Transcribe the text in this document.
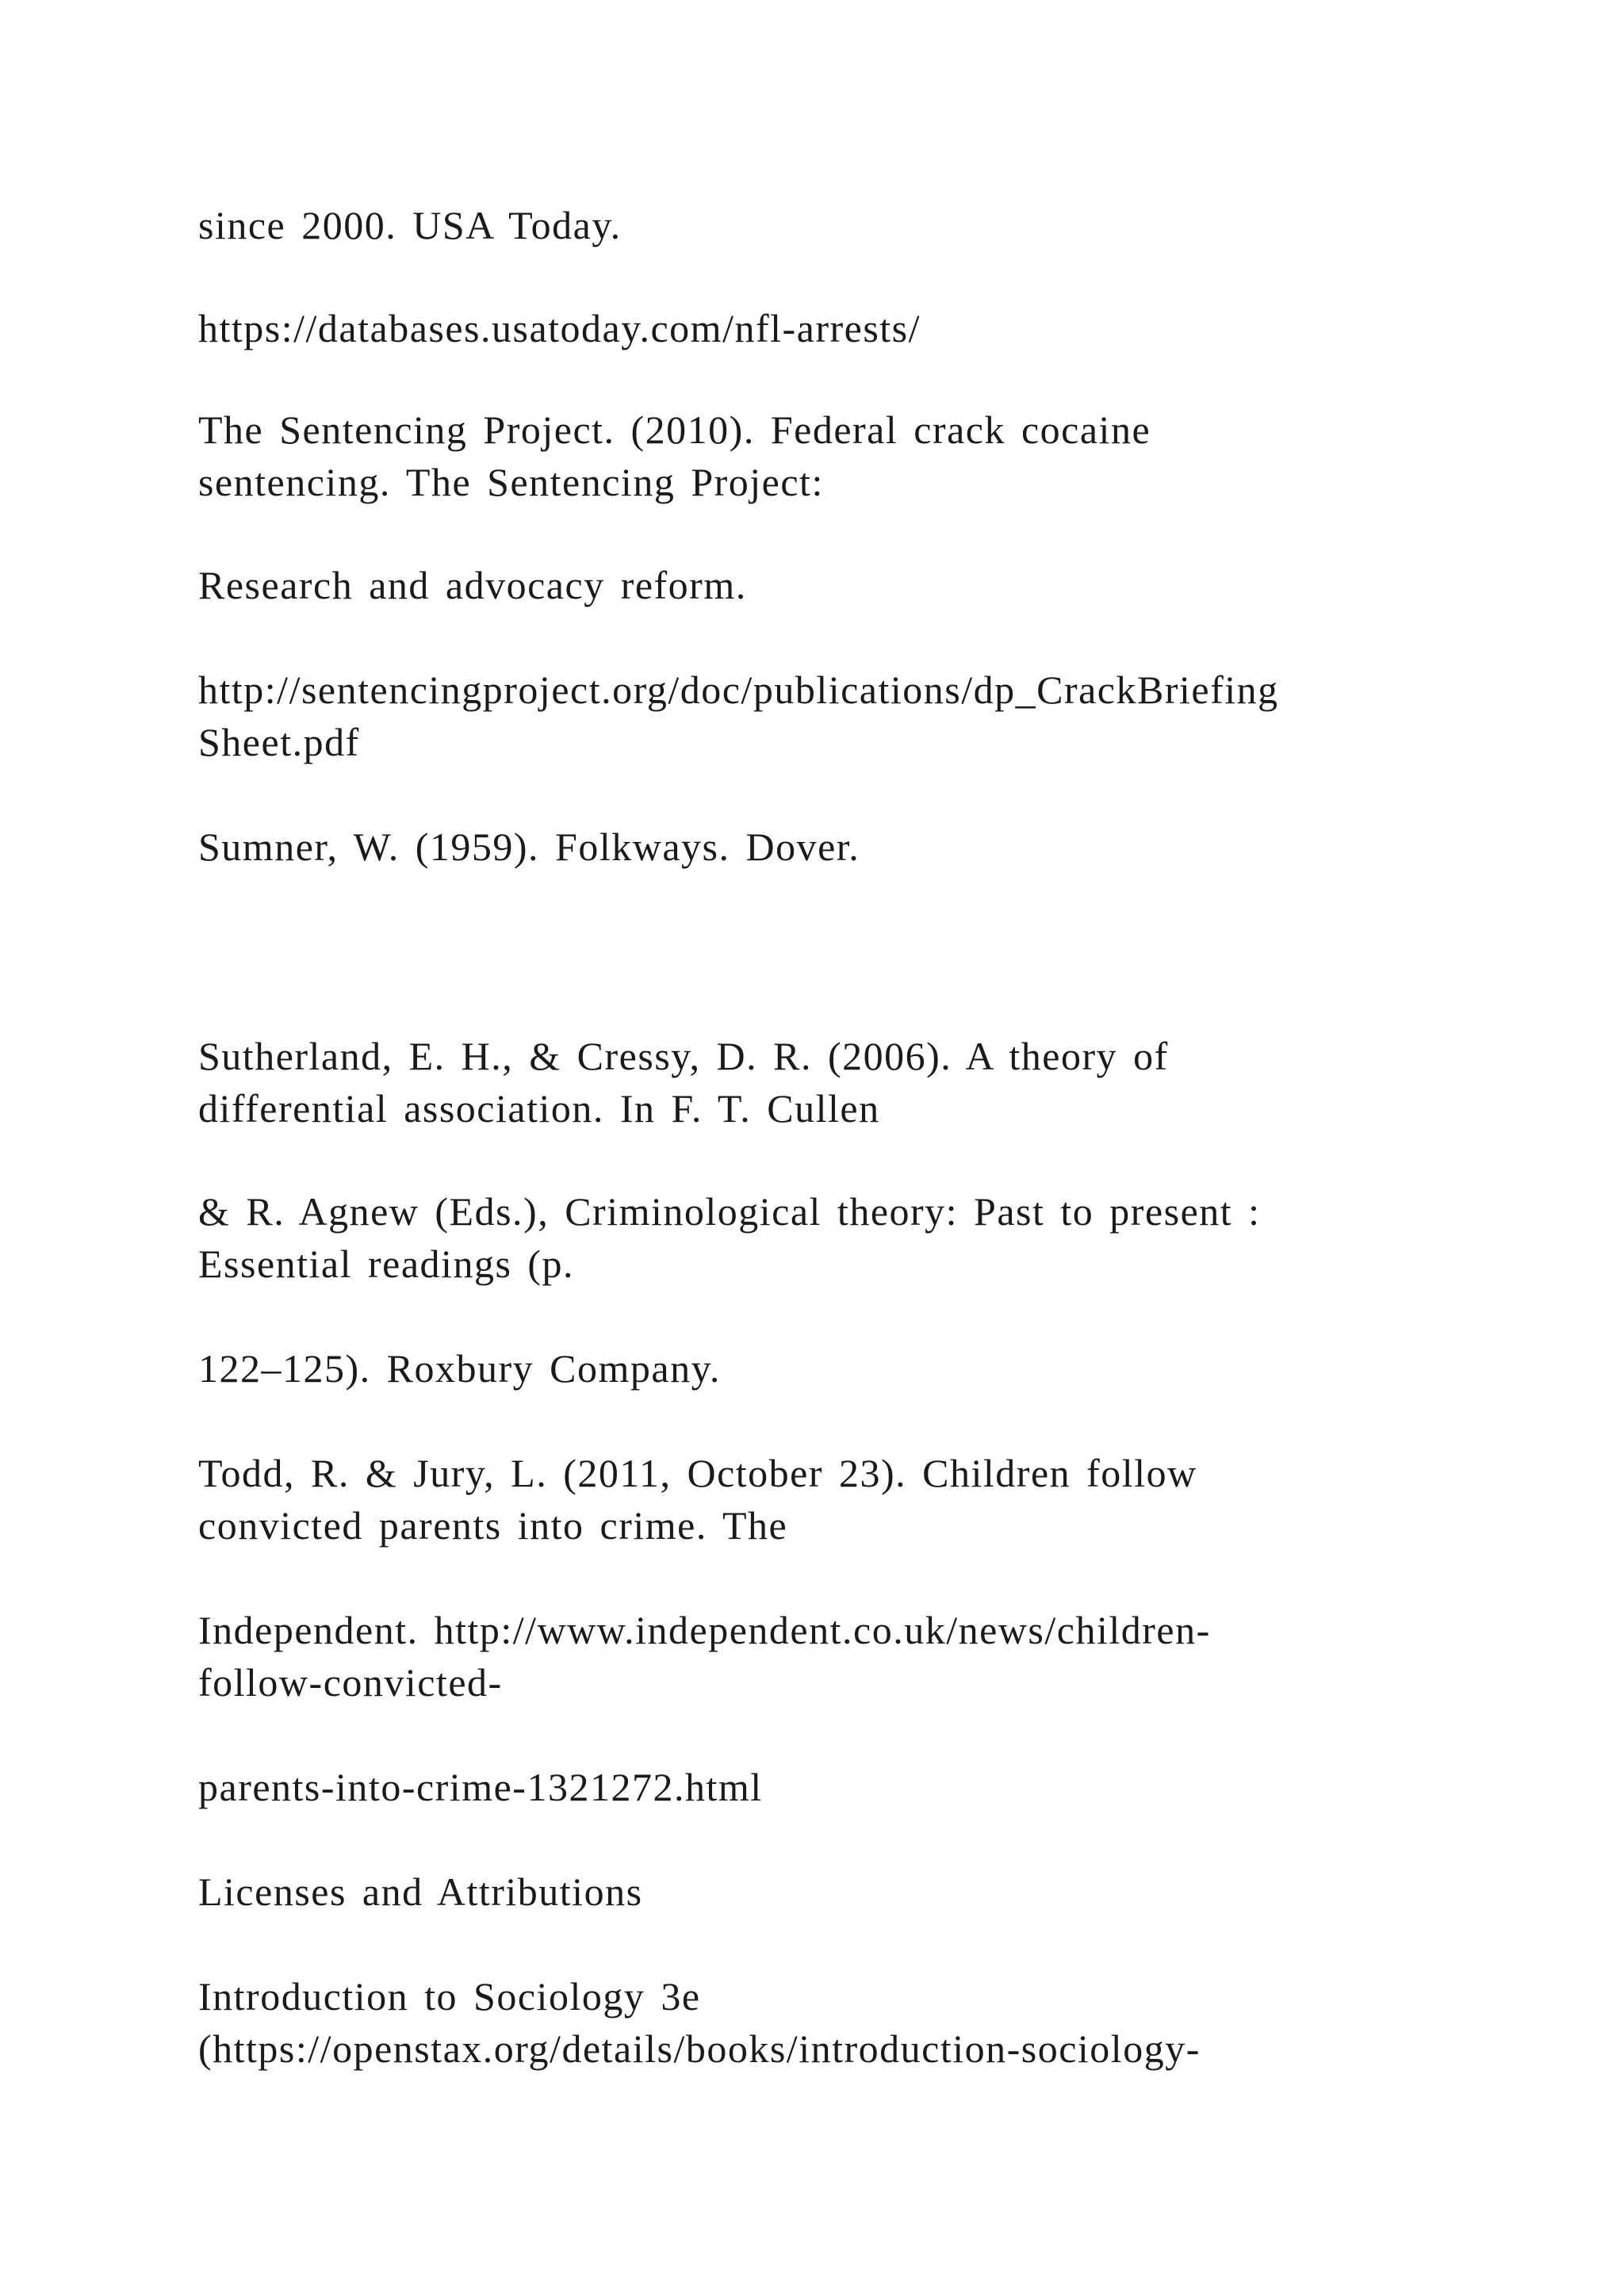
since 2000. USA Today.
https://databases.usatoday.com/nfl-arrests/
The Sentencing Project. (2010). Federal crack cocaine
sentencing. The Sentencing Project:
Research and advocacy reform.
http://sentencingproject.org/doc/publications/dp_CrackBriefing
Sheet.pdf
Sumner, W. (1959). Folkways. Dover.
Sutherland, E. H., & Cressy, D. R. (2006). A theory of
differential association. In F. T. Cullen
& R. Agnew (Eds.), Criminological theory: Past to present :
Essential readings (p.
122–125). Roxbury Company.
Todd, R. & Jury, L. (2011, October 23). Children follow
convicted parents into crime. The
Independent. http://www.independent.co.uk/news/children-
follow-convicted-
parents-into-crime-1321272.html
Licenses and Attributions
Introduction to Sociology 3e
(https://openstax.org/details/books/introduction-sociology-
